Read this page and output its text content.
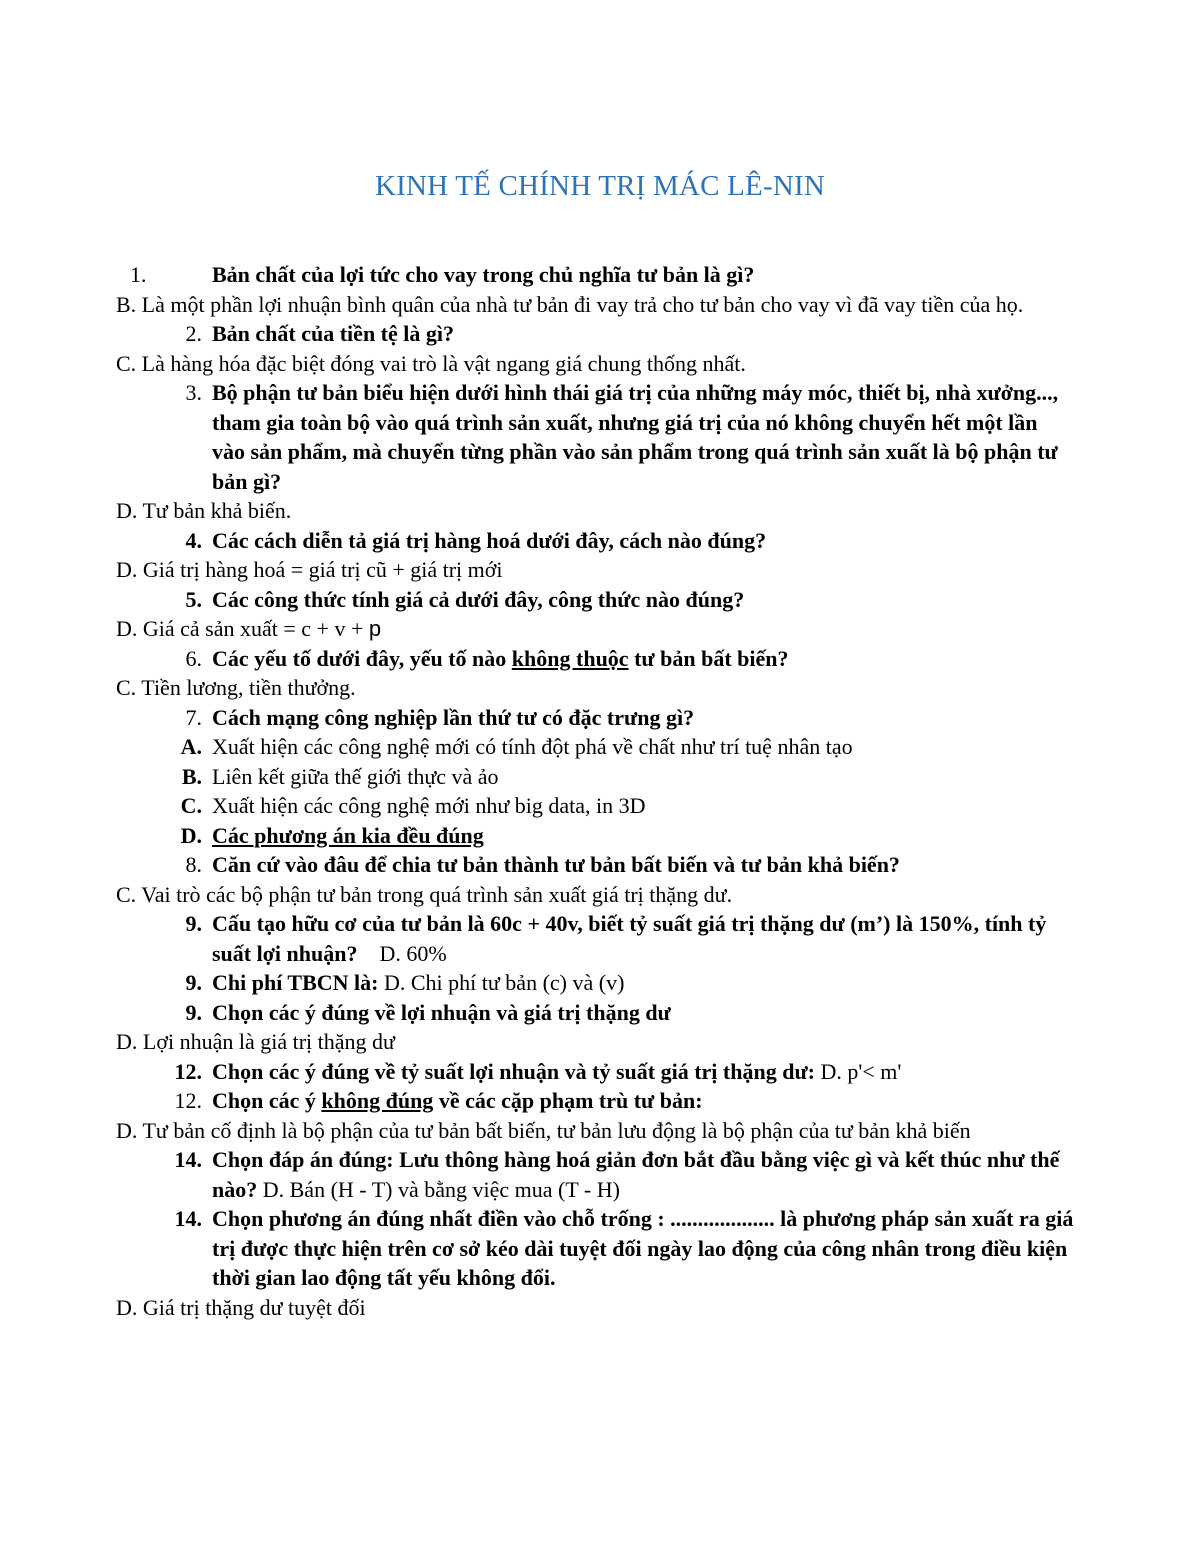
KINH TẾ CHÍNH TRỊ MÁC LÊ-NIN
1.	Bản chất của lợi tức cho vay trong chủ nghĩa tư bản là gì?
B. Là một phần lợi nhuận bình quân của nhà tư bản đi vay trả cho tư bản cho vay vì đã vay tiền của họ.
2. Bản chất của tiền tệ là gì?
C. Là hàng hóa đặc biệt đóng vai trò là vật ngang giá chung thống nhất.
3. Bộ phận tư bản biểu hiện dưới hình thái giá trị của những máy móc, thiết bị, nhà xưởng..., tham gia toàn bộ vào quá trình sản xuất, nhưng giá trị của nó không chuyển hết một lần vào sản phẩm, mà chuyển từng phần vào sản phẩm trong quá trình sản xuất là bộ phận tư bản gì?
D. Tư bản khả biến.
4. Các cách diễn tả giá trị hàng hoá dưới đây, cách nào đúng?
D. Giá trị hàng hoá = giá trị cũ + giá trị mới
5. Các công thức tính giá cả dưới đây, công thức nào đúng?
D. Giá cả sản xuất = c + v + p
6. Các yếu tố dưới đây, yếu tố nào không thuộc tư bản bất biến?
C. Tiền lương, tiền thưởng.
7. Cách mạng công nghiệp lần thứ tư có đặc trưng gì?
A. Xuất hiện các công nghệ mới có tính đột phá về chất như trí tuệ nhân tạo
B. Liên kết giữa thế giới thực và ảo
C. Xuất hiện các công nghệ mới như big data, in 3D
D. Các phương án kia đều đúng
8. Căn cứ vào đâu để chia tư bản thành tư bản bất biến và tư bản khả biến?
C. Vai trò các bộ phận tư bản trong quá trình sản xuất giá trị thặng dư.
9. Cấu tạo hữu cơ của tư bản là 60c + 40v, biết tỷ suất giá trị thặng dư (m’) là 150%, tính tỷ suất lợi nhuận? D. 60%
9. Chi phí TBCN là: D. Chi phí tư bản (c) và (v)
9. Chọn các ý đúng về lợi nhuận và giá trị thặng dư
D. Lợi nhuận là giá trị thặng dư
12. Chọn các ý đúng về tỷ suất lợi nhuận và tỷ suất giá trị thặng dư: D. p'< m'
12. Chọn các ý không đúng về các cặp phạm trù tư bản:
D. Tư bản cố định là bộ phận của tư bản bất biến, tư bản lưu động là bộ phận của tư bản khả biến
14. Chọn đáp án đúng: Lưu thông hàng hoá giản đơn bắt đầu bằng việc gì và kết thúc như thế nào? D. Bán (H - T) và bằng việc mua (T - H)
14. Chọn phương án đúng nhất điền vào chỗ trống : ................... là phương pháp sản xuất ra giá trị được thực hiện trên cơ sở kéo dài tuyệt đối ngày lao động của công nhân trong điều kiện thời gian lao động tất yếu không đổi.
D. Giá trị thặng dư tuyệt đối
